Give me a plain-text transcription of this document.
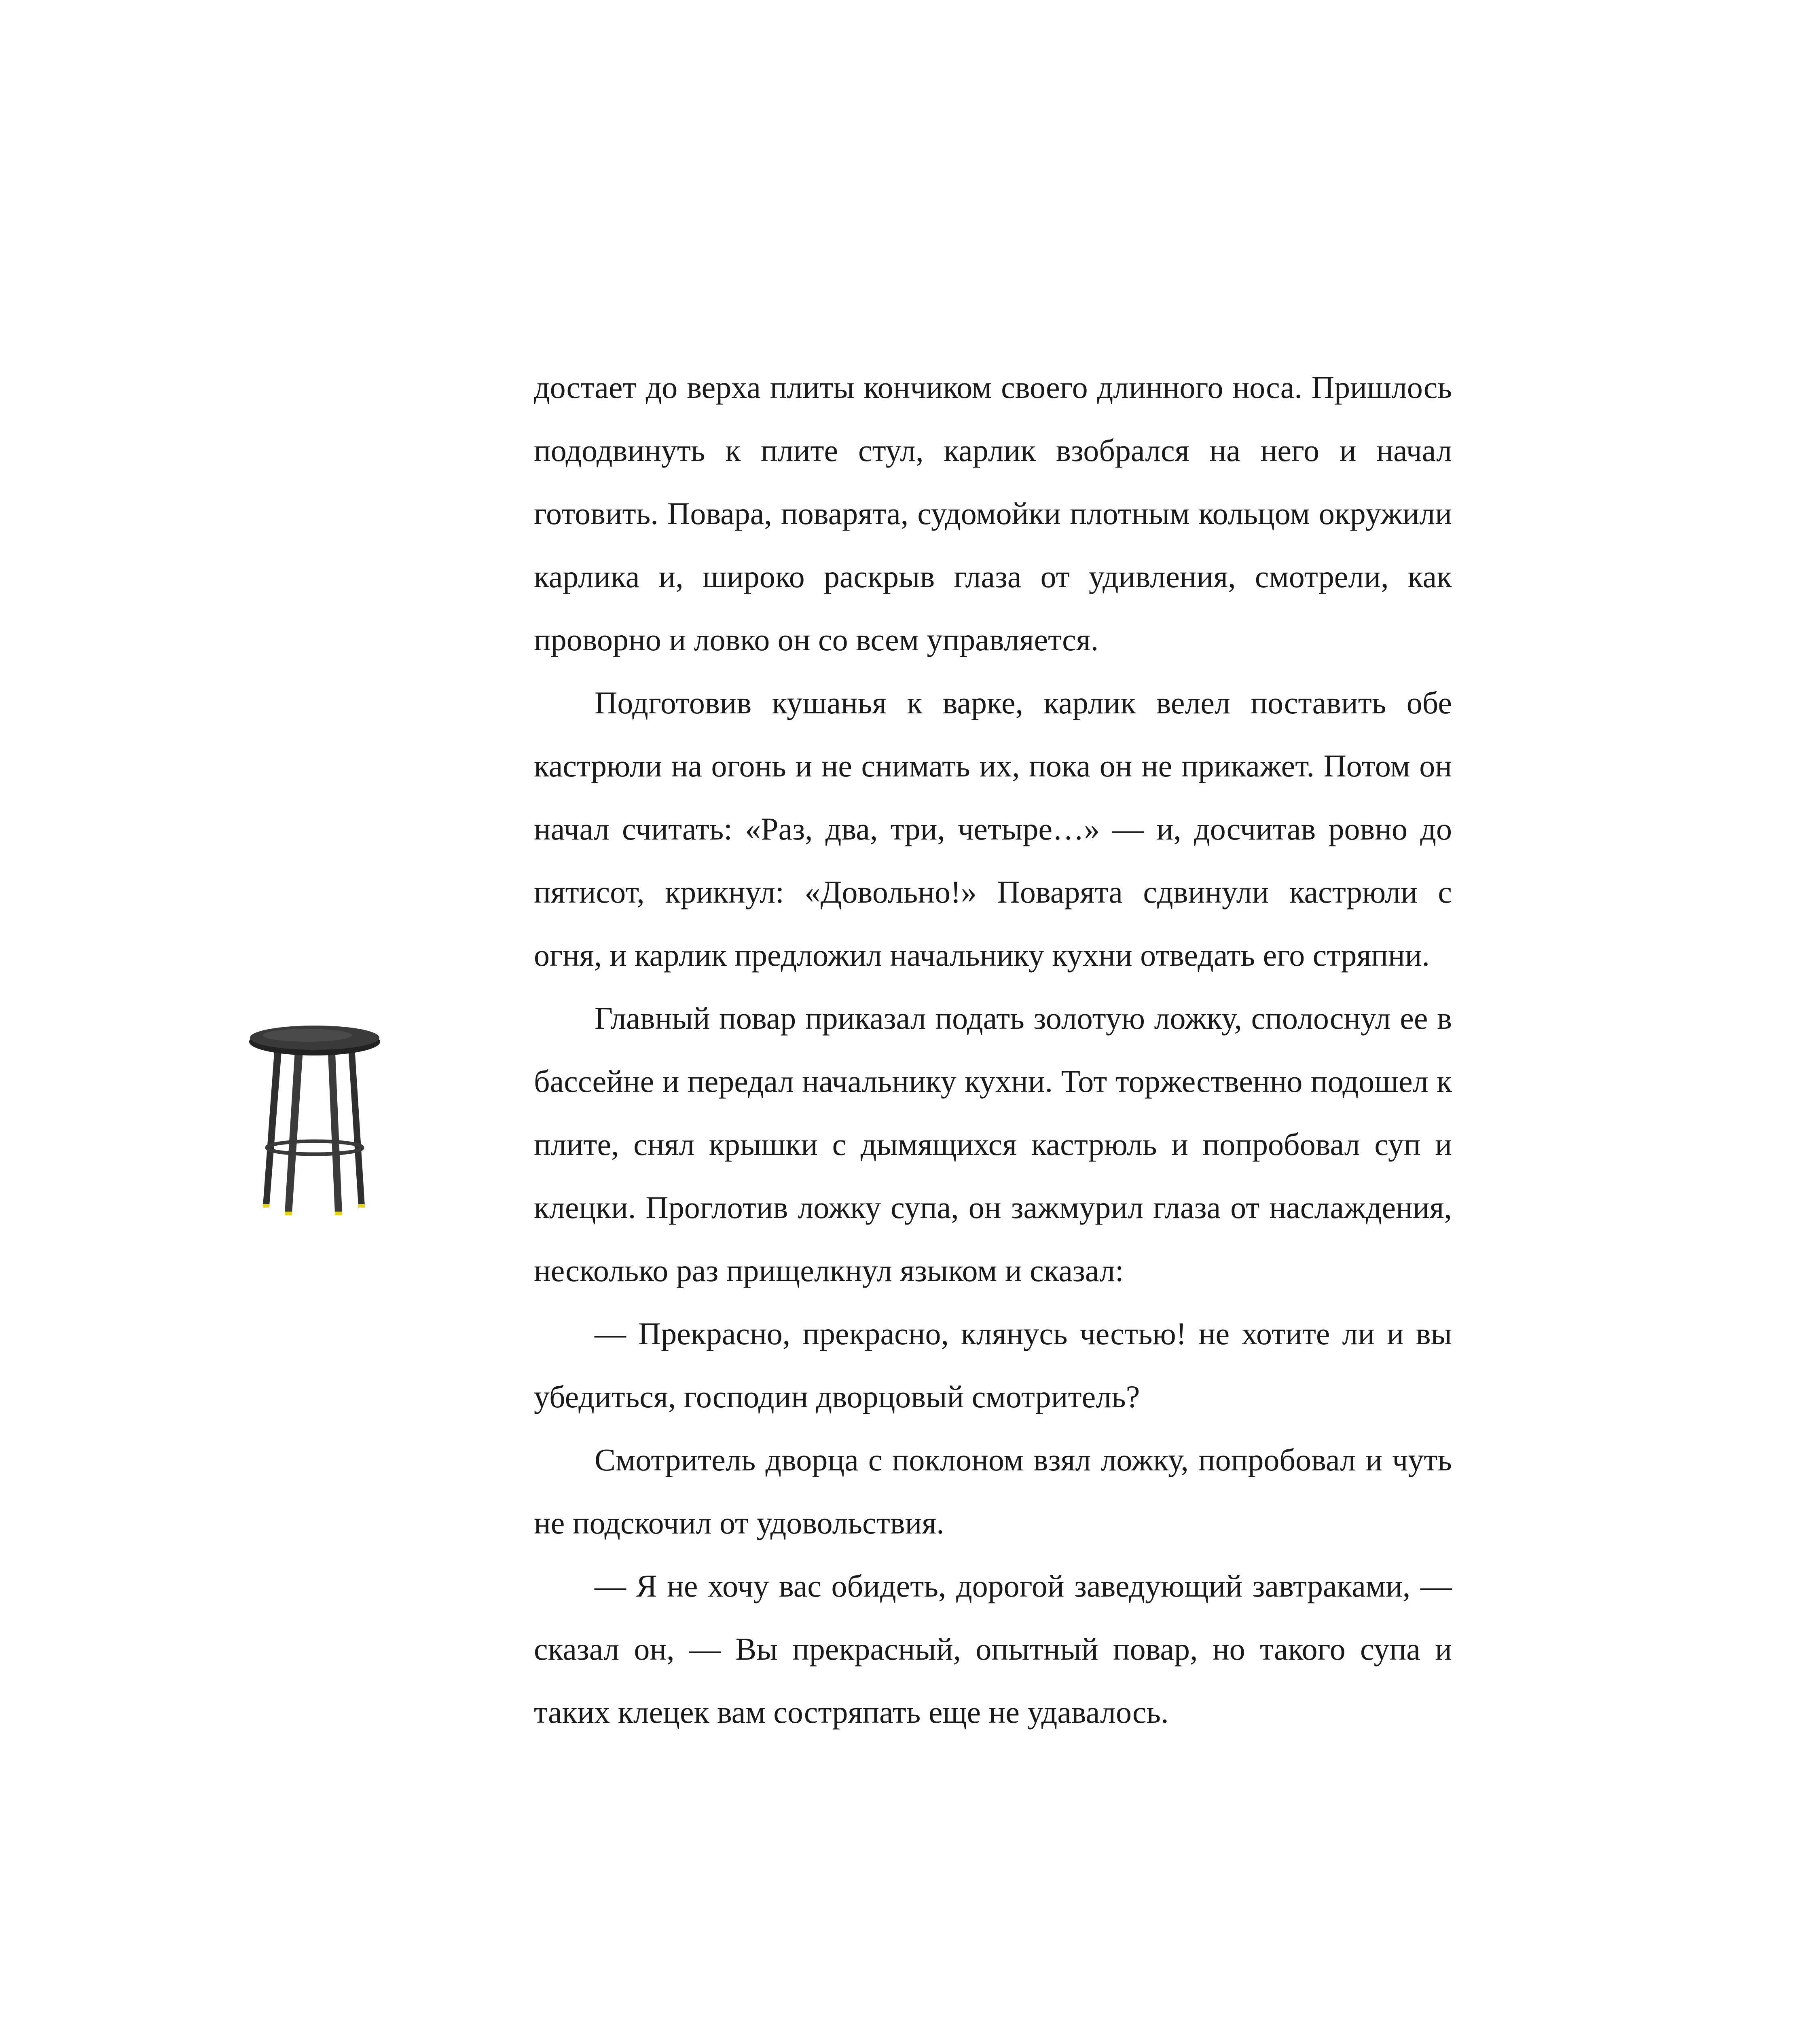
достает до верха плиты кончиком своего длинного носа. Пришлось пододвинуть к плите стул, карлик взобрался на него и начал готовить. Повара, поварята, судомойки плотным кольцом окружили карлика и, широко раскрыв глаза от удивления, смотрели, как проворно и ловко он со всем управляется.

Подготовив кушанья к варке, карлик велел поставить обе кастрюли на огонь и не снимать их, пока он не прикажет. Потом он начал считать: «Раз, два, три, четыре…» — и, досчитав ровно до пятисот, крикнул: «Довольно!» Поварята сдвинули кастрюли с огня, и карлик предложил начальнику кухни отведать его стряпни.

Главный повар приказал подать золотую ложку, сполоснул ее в бассейне и передал начальнику кухни. Тот торжественно подошел к плите, снял крышки с дымящихся кастрюль и попробовал суп и клецки. Проглотив ложку супа, он зажмурил глаза от наслаждения, несколько раз прищелкнул языком и сказал:

— Прекрасно, прекрасно, клянусь честью! не хотите ли и вы убедиться, господин дворцовый смотритель?

Смотритель дворца с поклоном взял ложку, попробовал и чуть не подскочил от удовольствия.

— Я не хочу вас обидеть, дорогой заведующий завтраками, — сказал он, — Вы прекрасный, опытный повар, но такого супа и таких клецек вам состряпать еще не удавалось.
